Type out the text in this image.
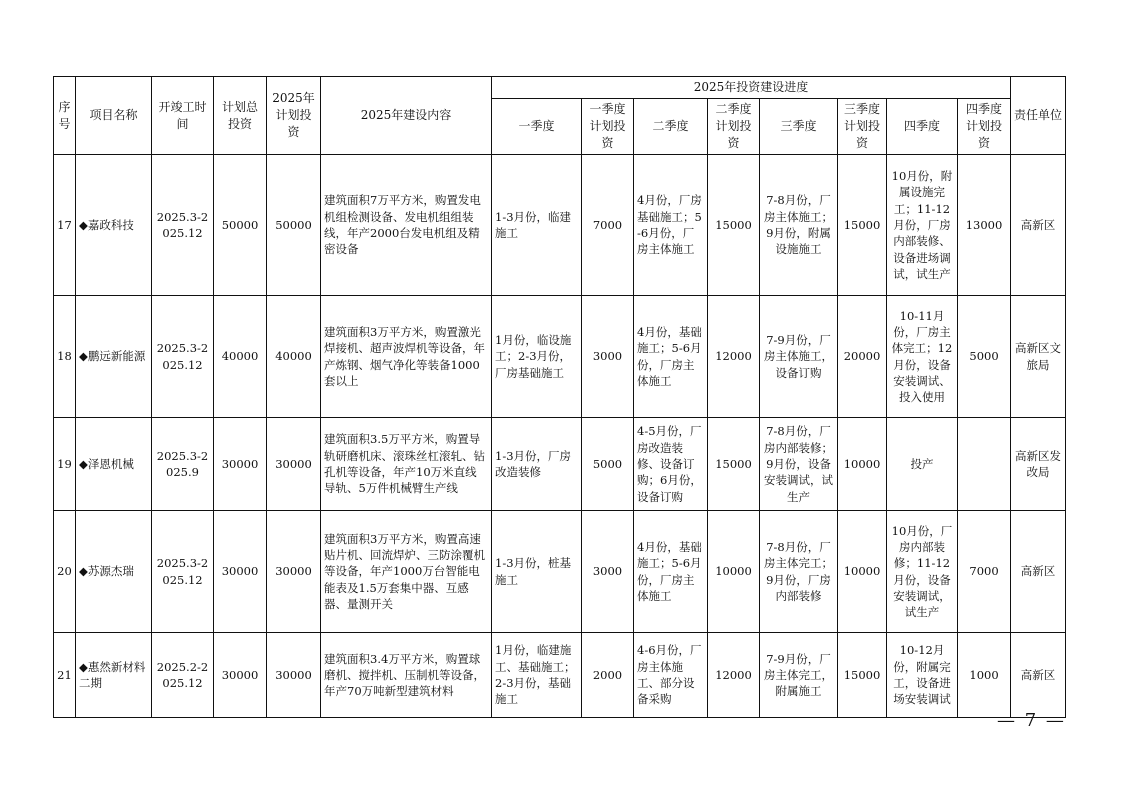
序号	项目名称	开竣工时间	计划总投资	2025年计划投资	2025年建设内容	2025年投资建设进度								责任单位
						一季度	一季度计划投资	二季度	二季度计划投资	三季度	三季度计划投资	四季度	四季度计划投资	
17	◆嘉政科技	2025.3-2025.12	50000	50000	建筑面积7万平方米，购置发电机组检测设备、发电机组组装线，年产2000台发电机组及精密设备	1-3月份，临建施工	7000	4月份，厂房基础施工；5-6月份，厂房主体施工	15000	7-8月份，厂房主体施工；9月份，附属设施施工	15000	10月份，附属设施完工；11-12月份，厂房内部装修、设备进场调试，试生产	13000	高新区
18	◆鹏远新能源	2025.3-2025.12	40000	40000	建筑面积3万平方米，购置激光焊接机、超声波焊机等设备，年产炼钢、烟气净化等装备1000套以上	1月份，临设施工；2-3月份，厂房基础施工	3000	4月份，基础施工；5-6月份，厂房主体施工	12000	7-9月份，厂房主体施工，设备订购	20000	10-11月份，厂房主体完工；12月份，设备安装调试、投入使用	5000	高新区文旅局
19	◆泽恩机械	2025.3-2025.9	30000	30000	建筑面积3.5万平方米，购置导轨研磨机床、滚珠丝杠滚轧、钻孔机等设备，年产10万米直线导轨、5万件机械臂生产线	1-3月份，厂房改造装修	5000	4-5月份，厂房改造装修、设备订购；6月份，设备订购	15000	7-8月份，厂房内部装修；9月份，设备安装调试，试生产	10000	投产		高新区发改局
20	◆苏源杰瑞	2025.3-2025.12	30000	30000	建筑面积3万平方米，购置高速贴片机、回流焊炉、三防涂覆机等设备，年产1000万台智能电能表及1.5万套集中器、互感器、量测开关	1-3月份，桩基施工	3000	4月份，基础施工；5-6月份，厂房主体施工	10000	7-8月份，厂房主体完工；9月份，厂房内部装修	10000	10月份，厂房内部装修；11-12月份，设备安装调试，试生产	7000	高新区
21	◆惠然新材料二期	2025.2-2025.12	30000	30000	建筑面积3.4万平方米，购置球磨机、搅拌机、压制机等设备，年产70万吨新型建筑材料	1月份，临建施工、基础施工；2-3月份，基础施工	2000	4-6月份，厂房主体施工、部分设备采购	12000	7-9月份，厂房主体完工，附属施工	15000	10-12月份，附属完工，设备进场安装调试	1000	高新区
— 7 —
